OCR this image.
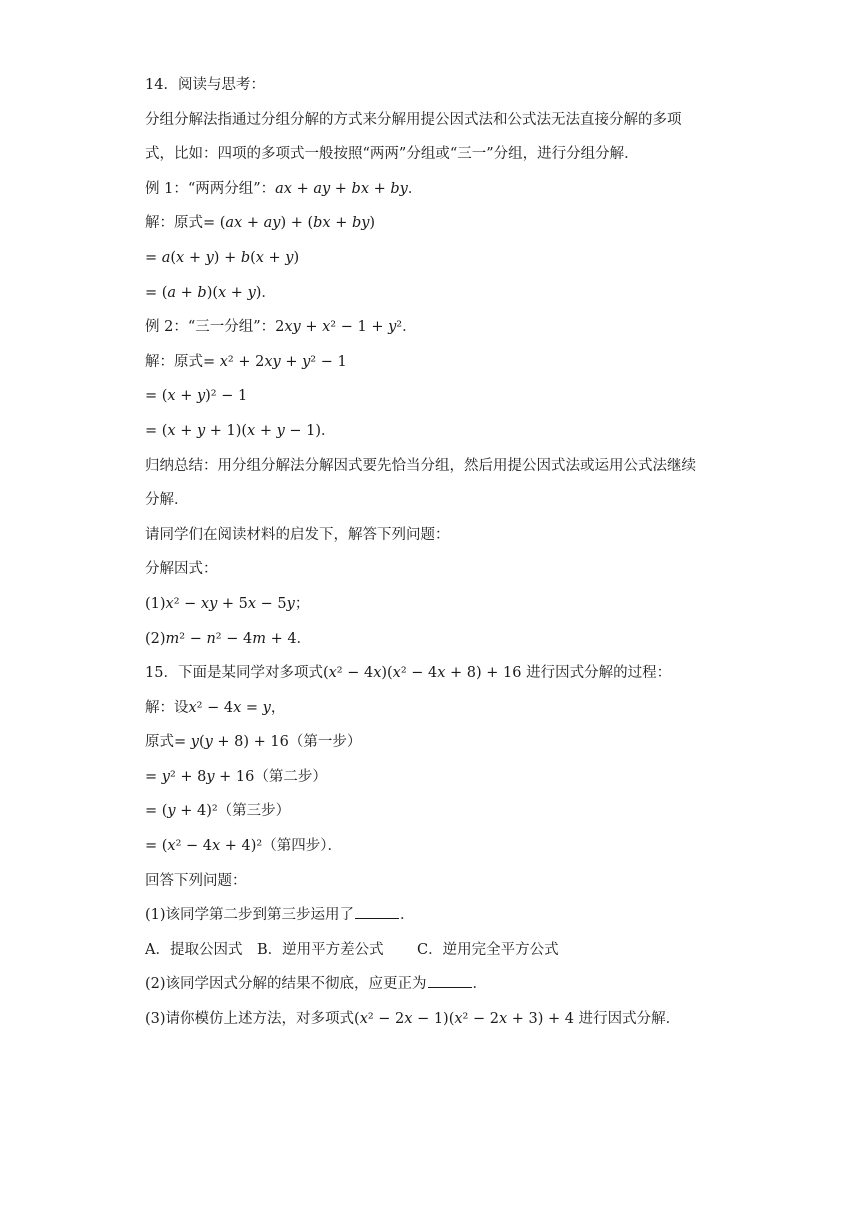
14．阅读与思考：
分组分解法指通过分组分解的方式来分解用提公因式法和公式法无法直接分解的多项
式，比如：四项的多项式一般按照“两两”分组或“三一”分组，进行分组分解．
例 1：“两两分组”：𝑎𝑥 + 𝑎𝑦 + 𝑏𝑥 + 𝑏𝑦．
解：原式= (𝑎𝑥 + 𝑎𝑦) + (𝑏𝑥 + 𝑏𝑦)
= 𝑎(𝑥 + 𝑦) + 𝑏(𝑥 + 𝑦)
= (𝑎 + 𝑏)(𝑥 + 𝑦)．
例 2：“三一分组”：2𝑥𝑦 + 𝑥² − 1 + 𝑦²．
解：原式= 𝑥² + 2𝑥𝑦 + 𝑦² − 1
= (𝑥 + 𝑦)² − 1
= (𝑥 + 𝑦 + 1)(𝑥 + 𝑦 − 1)．
归纳总结：用分组分解法分解因式要先恰当分组，然后用提公因式法或运用公式法继续
分解．
请同学们在阅读材料的启发下，解答下列问题：
分解因式：
(1)𝑥² − 𝑥𝑦 + 5𝑥 − 5𝑦；
(2)𝑚² − 𝑛² − 4𝑚 + 4．
15．下面是某同学对多项式(𝑥² − 4𝑥)(𝑥² − 4𝑥 + 8) + 16 进行因式分解的过程：
解：设𝑥² − 4𝑥 = 𝑦，
原式= 𝑦(𝑦 + 8) + 16（第一步）
= 𝑦² + 8𝑦 + 16（第二步）
= (𝑦 + 4)²（第三步）
= (𝑥² − 4𝑥 + 4)²（第四步）．
回答下列问题：
(1)该同学第二步到第三步运用了	．
A．提取公因式 B．逆用平方差公式 C．逆用完全平方公式
(2)该同学因式分解的结果不彻底，应更正为	．
(3)请你模仿上述方法，对多项式(𝑥² − 2𝑥 − 1)(𝑥² − 2𝑥 + 3) + 4 进行因式分解．
